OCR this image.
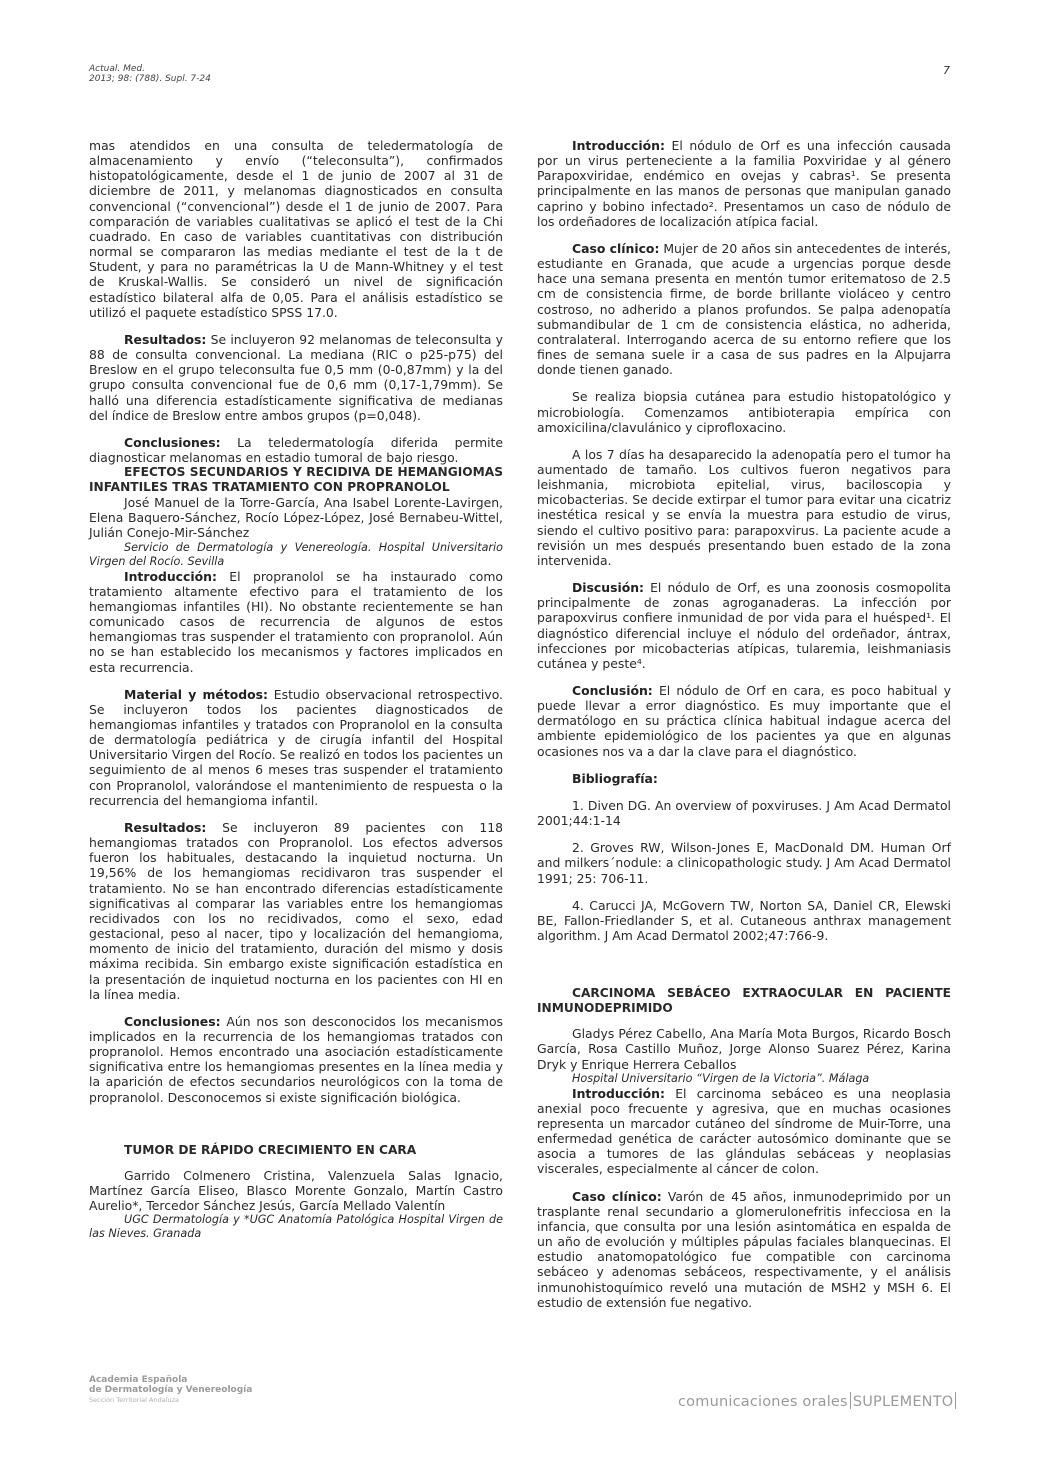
Actual. Med.
2013; 98: (788). Supl. 7-24
7

mas atendidos en una consulta de teledermatología de almacenamiento y envío (“teleconsulta”), confirmados histopatológicamente, desde el 1 de junio de 2007 al 31 de diciembre de 2011, y melanomas diagnosticados en consulta convencional (“convencional”) desde el 1 de junio de 2007. Para comparación de variables cualitativas se aplicó el test de la Chi cuadrado. En caso de variables cuantitativas con distribución normal se compararon las medias mediante el test de la t de Student, y para no paramétricas la U de Mann-Whitney y el test de Kruskal-Wallis. Se consideró un nivel de significación estadístico bilateral alfa de 0,05. Para el análisis estadístico se utilizó el paquete estadístico SPSS 17.0.

Resultados: Se incluyeron 92 melanomas de teleconsulta y 88 de consulta convencional. La mediana (RIC o p25-p75) del Breslow en el grupo teleconsulta fue 0,5 mm (0-0,87mm) y la del grupo consulta convencional fue de 0,6 mm (0,17-1,79mm). Se halló una diferencia estadísticamente significativa de medianas del índice de Breslow entre ambos grupos (p=0,048).

Conclusiones: La teledermatología diferida permite diagnosticar melanomas en estadio tumoral de bajo riesgo.

EFECTOS SECUNDARIOS Y RECIDIVA DE HEMANGIOMAS INFANTILES TRAS TRATAMIENTO CON PROPRANOLOL

José Manuel de la Torre-García, Ana Isabel Lorente-Lavirgen, Elena Baquero-Sánchez, Rocío López-López, José Bernabeu-Wittel, Julián Conejo-Mir-Sánchez

Servicio de Dermatología y Venereología. Hospital Universitario Virgen del Rocío. Sevilla

Introducción: El propranolol se ha instaurado como tratamiento altamente efectivo para el tratamiento de los hemangiomas infantiles (HI). No obstante recientemente se han comunicado casos de recurrencia de algunos de estos hemangiomas tras suspender el tratamiento con propranolol. Aún no se han establecido los mecanismos y factores implicados en esta recurrencia.

Material y métodos: Estudio observacional retrospectivo. Se incluyeron todos los pacientes diagnosticados de hemangiomas infantiles y tratados con Propranolol en la consulta de dermatología pediátrica y de cirugía infantil del Hospital Universitario Virgen del Rocío. Se realizó en todos los pacientes un seguimiento de al menos 6 meses tras suspender el tratamiento con Propranolol, valorándose el mantenimiento de respuesta o la recurrencia del hemangioma infantil.

Resultados: Se incluyeron 89 pacientes con 118 hemangiomas tratados con Propranolol. Los efectos adversos fueron los habituales, destacando la inquietud nocturna. Un 19,56% de los hemangiomas recidivaron tras suspender el tratamiento. No se han encontrado diferencias estadísticamente significativas al comparar las variables entre los hemangiomas recidivados con los no recidivados, como el sexo, edad gestacional, peso al nacer, tipo y localización del hemangioma, momento de inicio del tratamiento, duración del mismo y dosis máxima recibida. Sin embargo existe significación estadística en la presentación de inquietud nocturna en los pacientes con HI en la línea media.

Conclusiones: Aún nos son desconocidos los mecanismos implicados en la recurrencia de los hemangiomas tratados con propranolol. Hemos encontrado una asociación estadísticamente significativa entre los hemangiomas presentes en la línea media y la aparición de efectos secundarios neurológicos con la toma de propranolol. Desconocemos si existe significación biológica.

TUMOR DE RÁPIDO CRECIMIENTO EN CARA

Garrido Colmenero Cristina, Valenzuela Salas Ignacio, Martínez García Eliseo, Blasco Morente Gonzalo, Martín Castro Aurelio*, Tercedor Sánchez Jesús, García Mellado Valentín

UGC Dermatología y *UGC Anatomía Patológica Hospital Virgen de las Nieves. Granada

Introducción: El nódulo de Orf es una infección causada por un virus perteneciente a la familia Poxviridae y al género Parapoxviridae, endémico en ovejas y cabras¹. Se presenta principalmente en las manos de personas que manipulan ganado caprino y bobino infectado². Presentamos un caso de nódulo de los ordeñadores de localización atípica facial.

Caso clínico: Mujer de 20 años sin antecedentes de interés, estudiante en Granada, que acude a urgencias porque desde hace una semana presenta en mentón tumor eritematoso de 2.5 cm de consistencia firme, de borde brillante violáceo y centro costroso, no adherido a planos profundos. Se palpa adenopatía submandibular de 1 cm de consistencia elástica, no adherida, contralateral. Interrogando acerca de su entorno refiere que los fines de semana suele ir a casa de sus padres en la Alpujarra donde tienen ganado.

Se realiza biopsia cutánea para estudio histopatológico y microbiología. Comenzamos antibioterapia empírica con amoxicilina/clavulánico y ciprofloxacino.

A los 7 días ha desaparecido la adenopatía pero el tumor ha aumentado de tamaño. Los cultivos fueron negativos para leishmania, microbiota epitelial, virus, baciloscopia y micobacterias. Se decide extirpar el tumor para evitar una cicatriz inestética resical y se envía la muestra para estudio de virus, siendo el cultivo positivo para: parapoxvirus. La paciente acude a revisión un mes después presentando buen estado de la zona intervenida.

Discusión: El nódulo de Orf, es una zoonosis cosmopolita principalmente de zonas agroganaderas. La infección por parapoxvirus confiere inmunidad de por vida para el huésped¹. El diagnóstico diferencial incluye el nódulo del ordeñador, ántrax, infecciones por micobacterias atípicas, tularemia, leishmaniasis cutánea y peste⁴.

Conclusión: El nódulo de Orf en cara, es poco habitual y puede llevar a error diagnóstico. Es muy importante que el dermatólogo en su práctica clínica habitual indague acerca del ambiente epidemiológico de los pacientes ya que en algunas ocasiones nos va a dar la clave para el diagnóstico.

Bibliografía:

1. Diven DG. An overview of poxviruses. J Am Acad Dermatol 2001;44:1-14

2. Groves RW, Wilson-Jones E, MacDonald DM. Human Orf and milkers´nodule: a clinicopathologic study. J Am Acad Dermatol 1991; 25: 706-11.

4. Carucci JA, McGovern TW, Norton SA, Daniel CR, Elewski BE, Fallon-Friedlander S, et al. Cutaneous anthrax management algorithm. J Am Acad Dermatol 2002;47:766-9.

CARCINOMA SEBÁCEO EXTRAOCULAR EN PACIENTE INMUNODEPRIMIDO

Gladys Pérez Cabello, Ana María Mota Burgos, Ricardo Bosch García, Rosa Castillo Muñoz, Jorge Alonso Suarez Pérez, Karina Dryk y Enrique Herrera Ceballos

Hospital Universitario “Virgen de la Victoria”. Málaga

Introducción: El carcinoma sebáceo es una neoplasia anexial poco frecuente y agresiva, que en muchas ocasiones representa un marcador cutáneo del síndrome de Muir-Torre, una enfermedad genética de carácter autosómico dominante que se asocia a tumores de las glándulas sebáceas y neoplasias viscerales, especialmente al cáncer de colon.

Caso clínico: Varón de 45 años, inmunodeprimido por un trasplante renal secundario a glomerulonefritis infecciosa en la infancia, que consulta por una lesión asintomática en espalda de un año de evolución y múltiples pápulas faciales blanquecinas. El estudio anatomopatológico fue compatible con carcinoma sebáceo y adenomas sebáceos, respectivamente, y el análisis inmunohistoquímico reveló una mutación de MSH2 y MSH 6. El estudio de extensión fue negativo.

Academia Española
de Dermatología y Venereología
Sección Territorial Andaluza	comunicaciones orales SUPLEMENTO
